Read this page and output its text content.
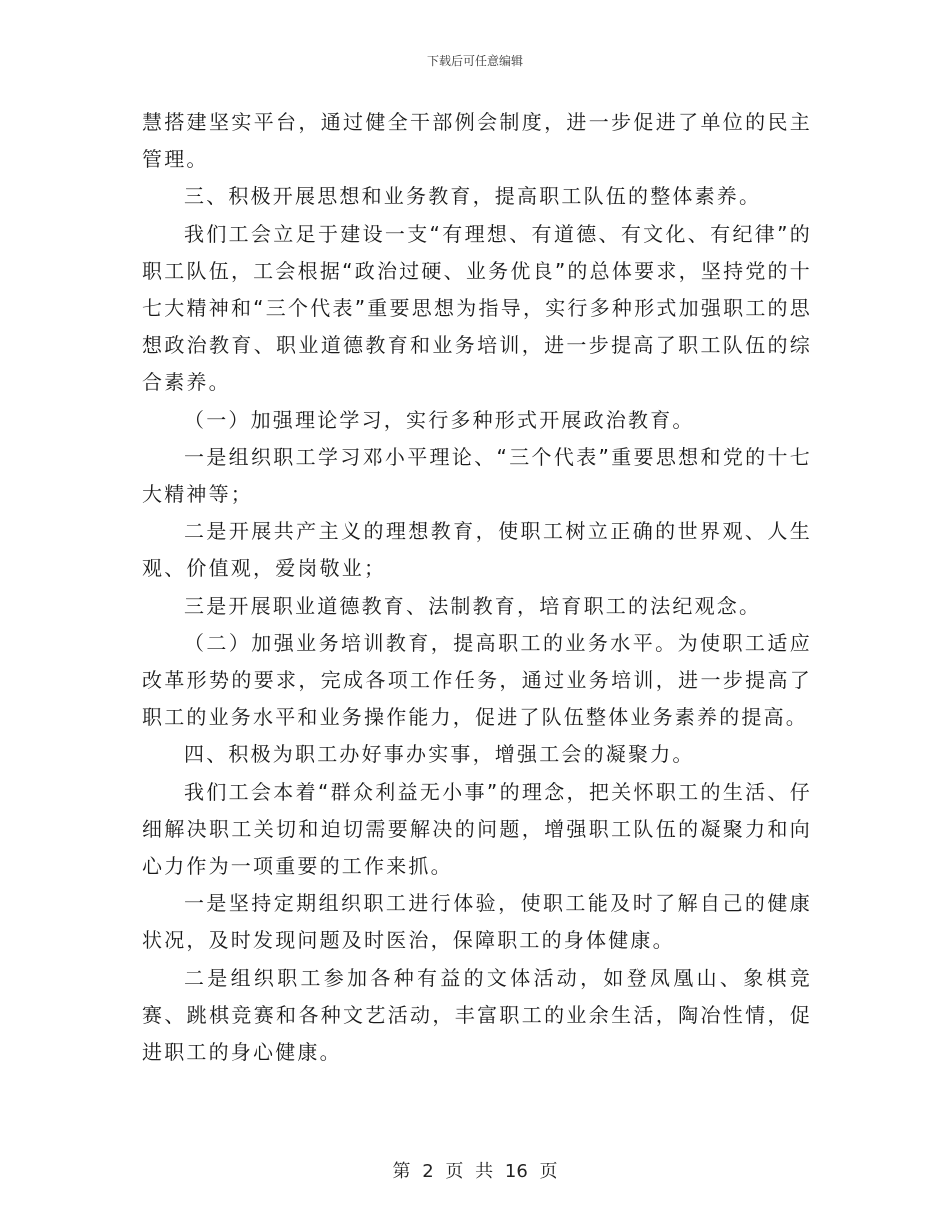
下载后可任意编辑

慧搭建坚实平台，通过健全干部例会制度，进一步促进了单位的民主管理。

三、积极开展思想和业务教育，提高职工队伍的整体素养。

我们工会立足于建设一支“有理想、有道德、有文化、有纪律”的职工队伍，工会根据“政治过硬、业务优良”的总体要求，坚持党的十七大精神和“三个代表”重要思想为指导，实行多种形式加强职工的思想政治教育、职业道德教育和业务培训，进一步提高了职工队伍的综合素养。

（一）加强理论学习，实行多种形式开展政治教育。

一是组织职工学习邓小平理论、“三个代表”重要思想和党的十七大精神等；

二是开展共产主义的理想教育，使职工树立正确的世界观、人生观、价值观，爱岗敬业；

三是开展职业道德教育、法制教育，培育职工的法纪观念。

（二）加强业务培训教育，提高职工的业务水平。为使职工适应改革形势的要求，完成各项工作任务，通过业务培训，进一步提高了职工的业务水平和业务操作能力，促进了队伍整体业务素养的提高。

四、积极为职工办好事办实事，增强工会的凝聚力。

我们工会本着“群众利益无小事”的理念，把关怀职工的生活、仔细解决职工关切和迫切需要解决的问题，增强职工队伍的凝聚力和向心力作为一项重要的工作来抓。

一是坚持定期组织职工进行体验，使职工能及时了解自己的健康状况，及时发现问题及时医治，保障职工的身体健康。

二是组织职工参加各种有益的文体活动，如登凤凰山、象棋竞赛、跳棋竞赛和各种文艺活动，丰富职工的业余生活，陶冶性情，促进职工的身心健康。

第 2 页 共 16 页
